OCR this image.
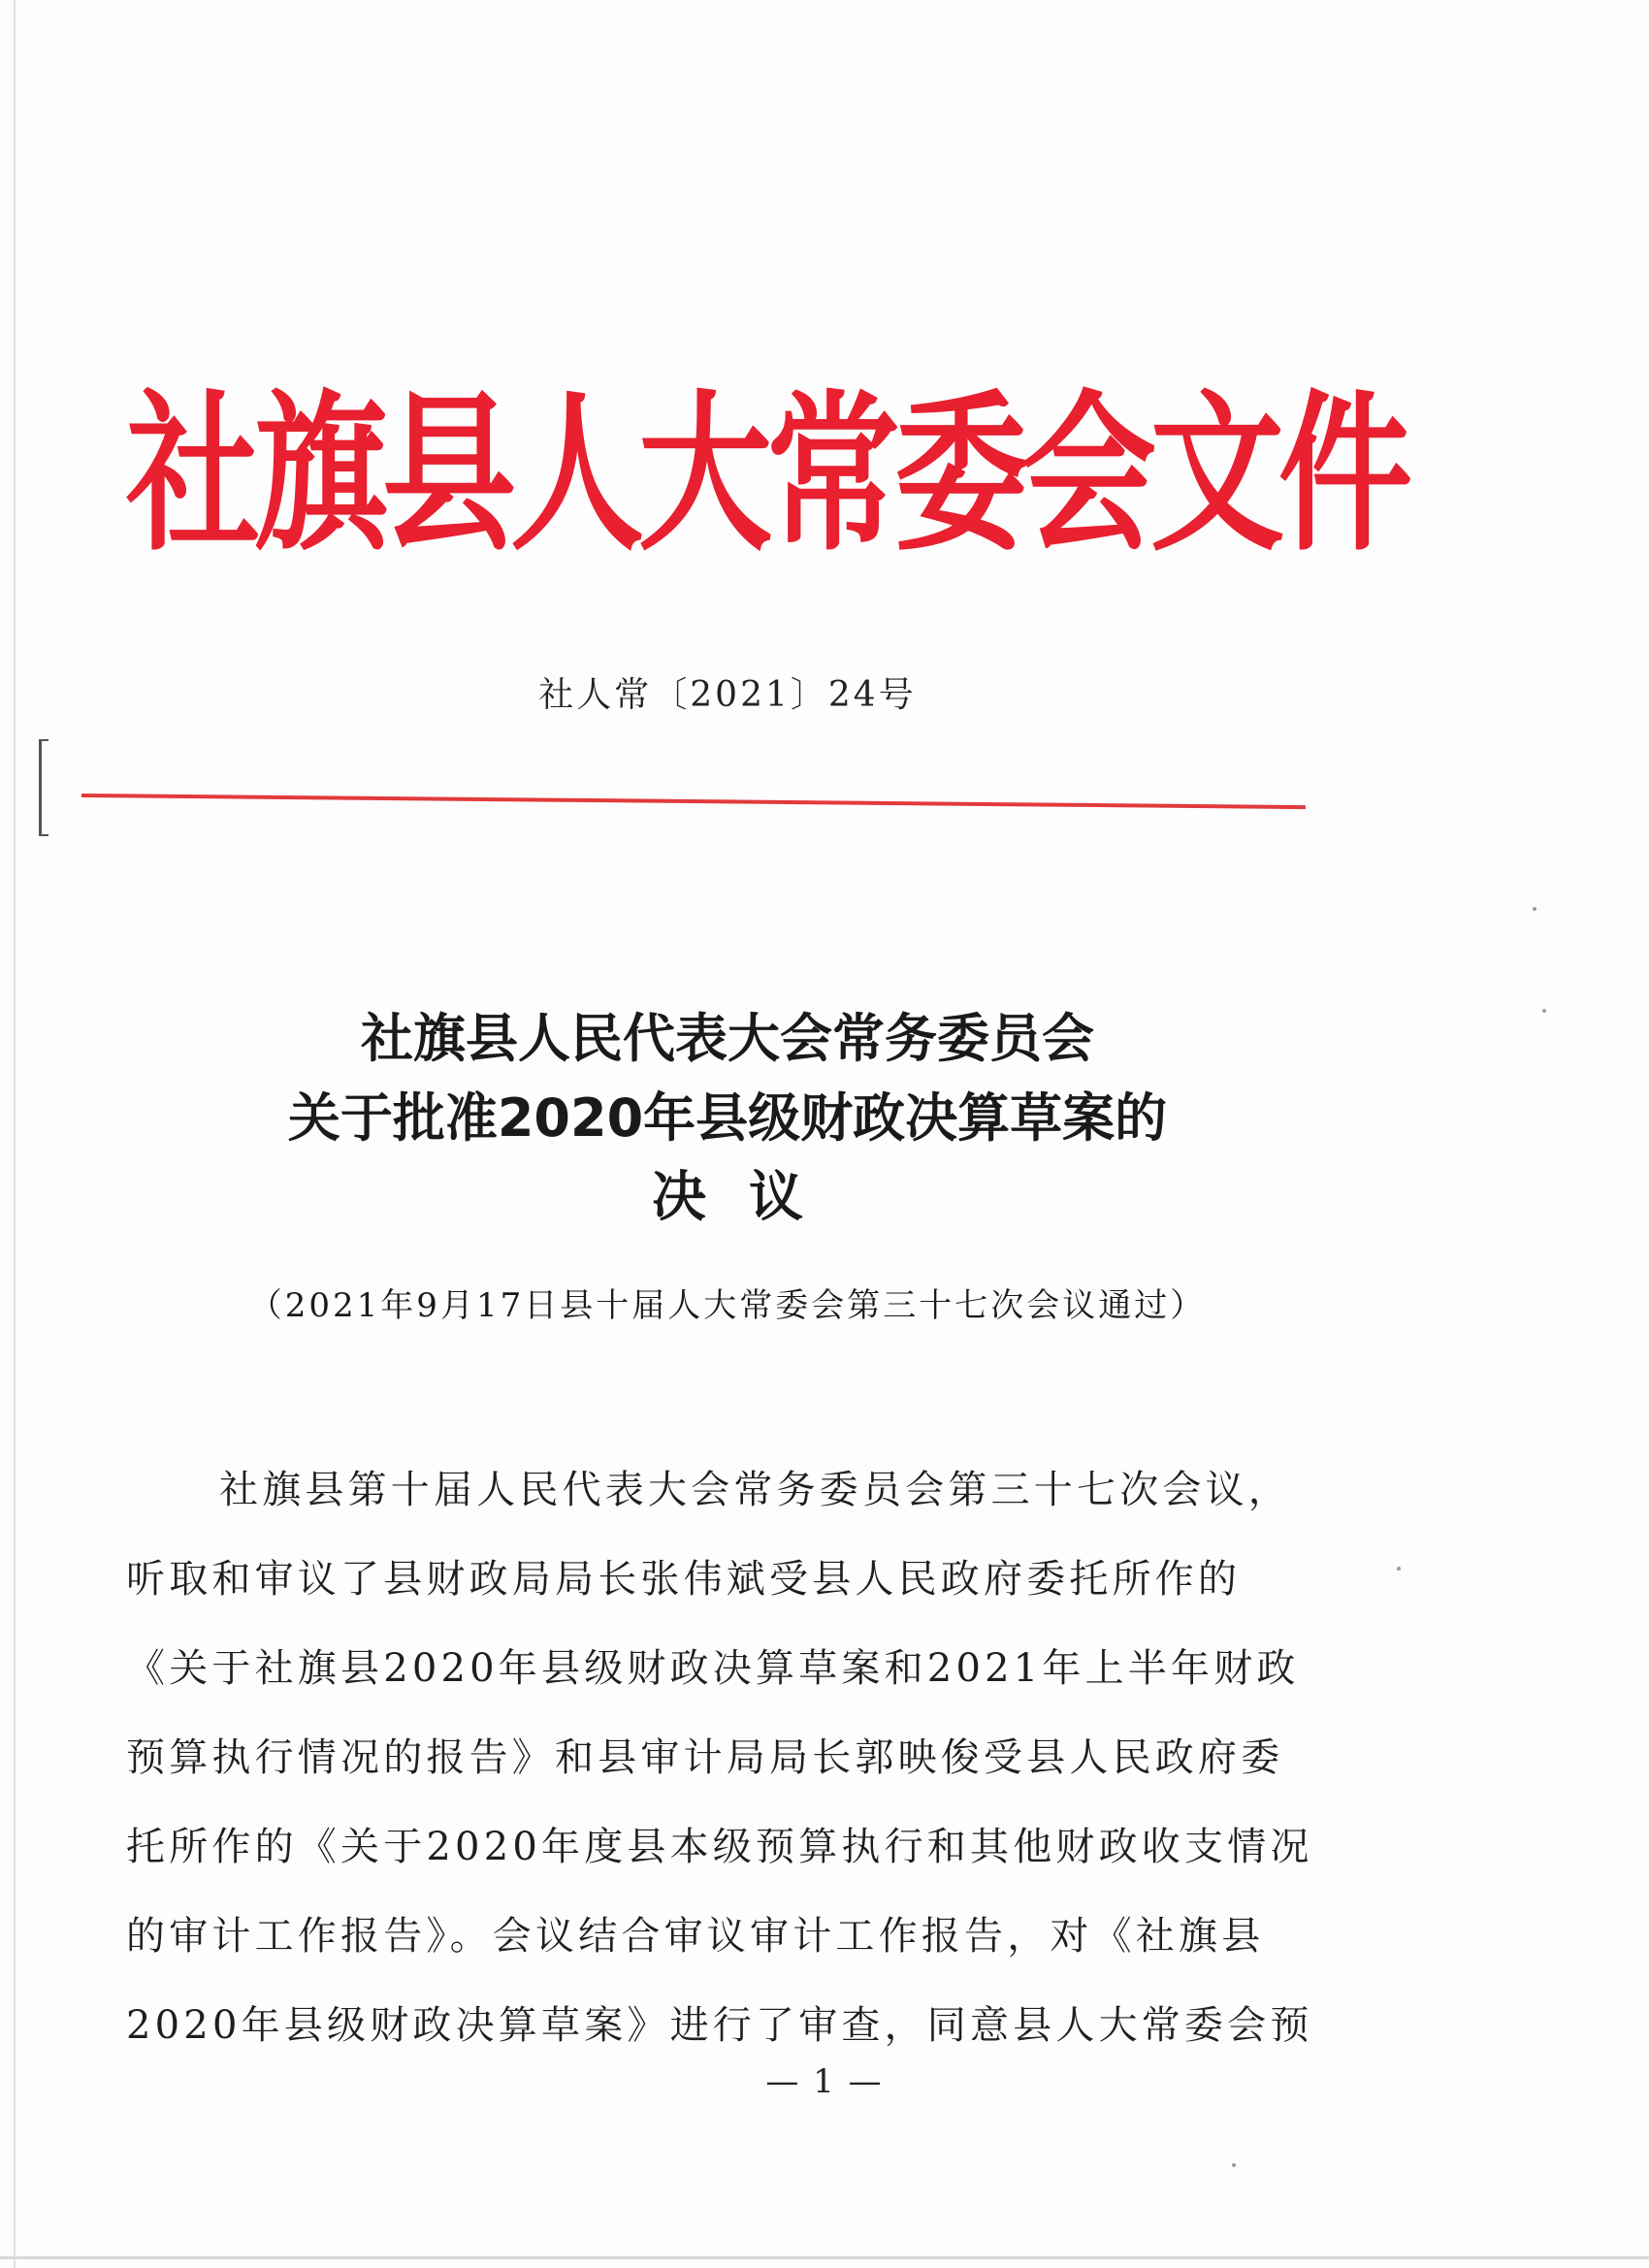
社旗县人大常委会文件
社人常〔2021〕24号
社旗县人民代表大会常务委员会
关于批准2020年县级财政决算草案的
决议
（2021年9月17日县十届人大常委会第三十七次会议通过）
社旗县第十届人民代表大会常务委员会第三十七次会议，
听取和审议了县财政局局长张伟斌受县人民政府委托所作的
《关于社旗县2020年县级财政决算草案和2021年上半年财政
预算执行情况的报告》和县审计局局长郭映俊受县人民政府委
托所作的《关于2020年度县本级预算执行和其他财政收支情况
的审计工作报告》。会议结合审议审计工作报告，对《社旗县
2020年县级财政决算草案》进行了审查，同意县人大常委会预
— 1 —
